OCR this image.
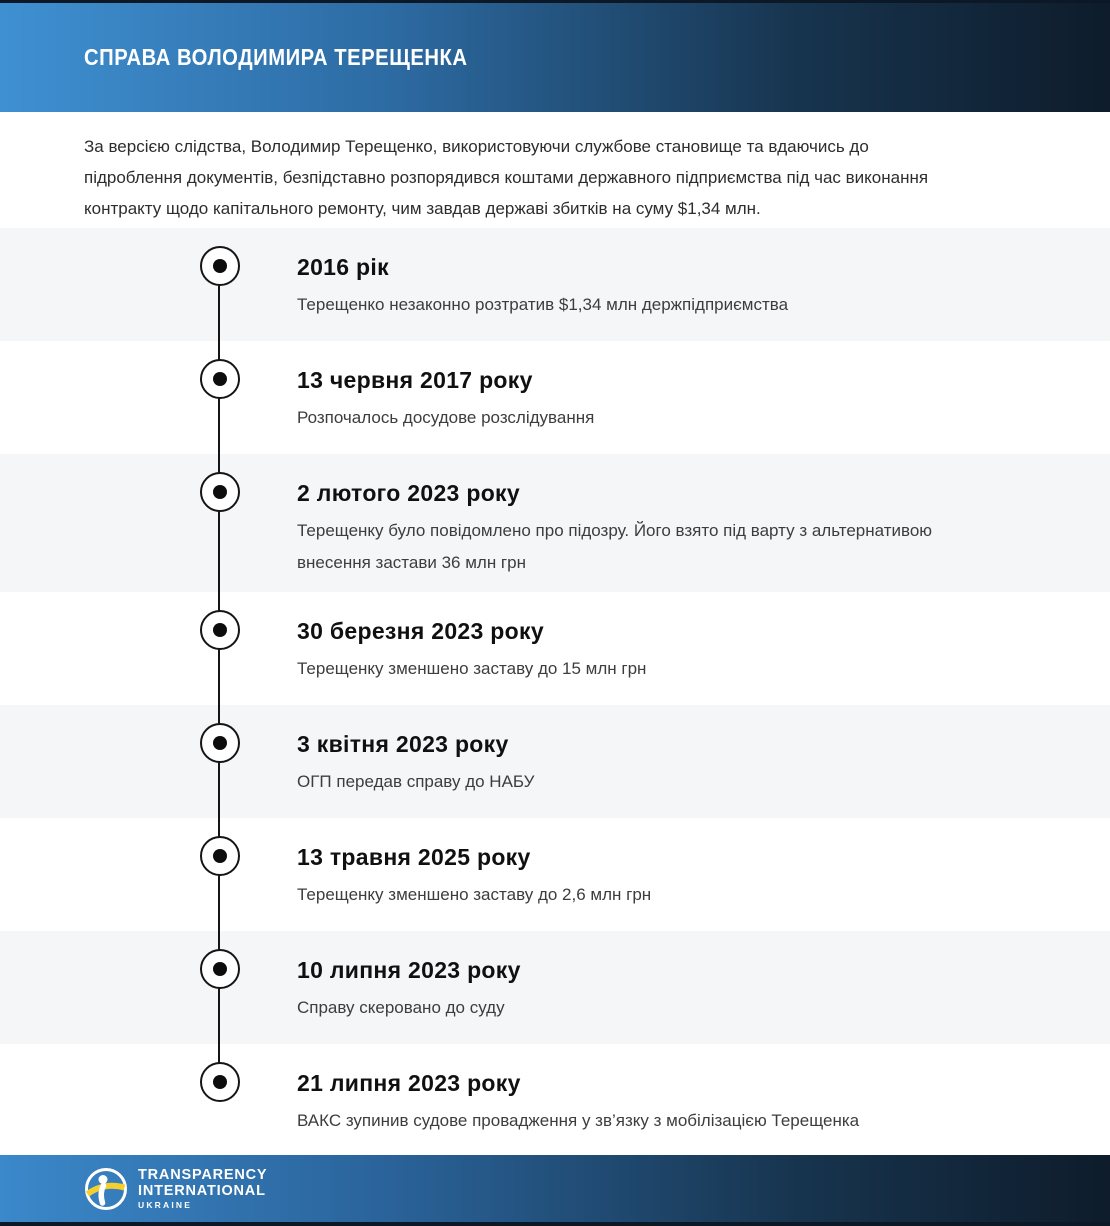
СПРАВА ВОЛОДИМИРА ТЕРЕЩЕНКА

За версією слідства, Володимир Терещенко, використовуючи службове становище та вдаючись до підроблення документів, безпідставно розпорядився коштами державного підприємства під час виконання контракту щодо капітального ремонту, чим завдав державі збитків на суму $1,34 млн.

2016 рік

Терещенко незаконно розтратив $1,34 млн держпідприємства

13 червня 2017 року

Розпочалось досудове розслідування

2 лютого 2023 року

Терещенку було повідомлено про підозру. Його взято під варту з альтернативою внесення застави 36 млн грн

30 березня 2023 року

Терещенку зменшено заставу до 15 млн грн

3 квітня 2023 року

ОГП передав справу до НАБУ

13 травня 2025 року

Терещенку зменшено заставу до 2,6 млн грн

10 липня 2023 року

Справу скеровано до суду

21 липня 2023 року

ВАКС зупинив судове провадження у зв’язку з мобілізацією Терещенка

TRANSPARENCY
INTERNATIONAL
UKRAINE
